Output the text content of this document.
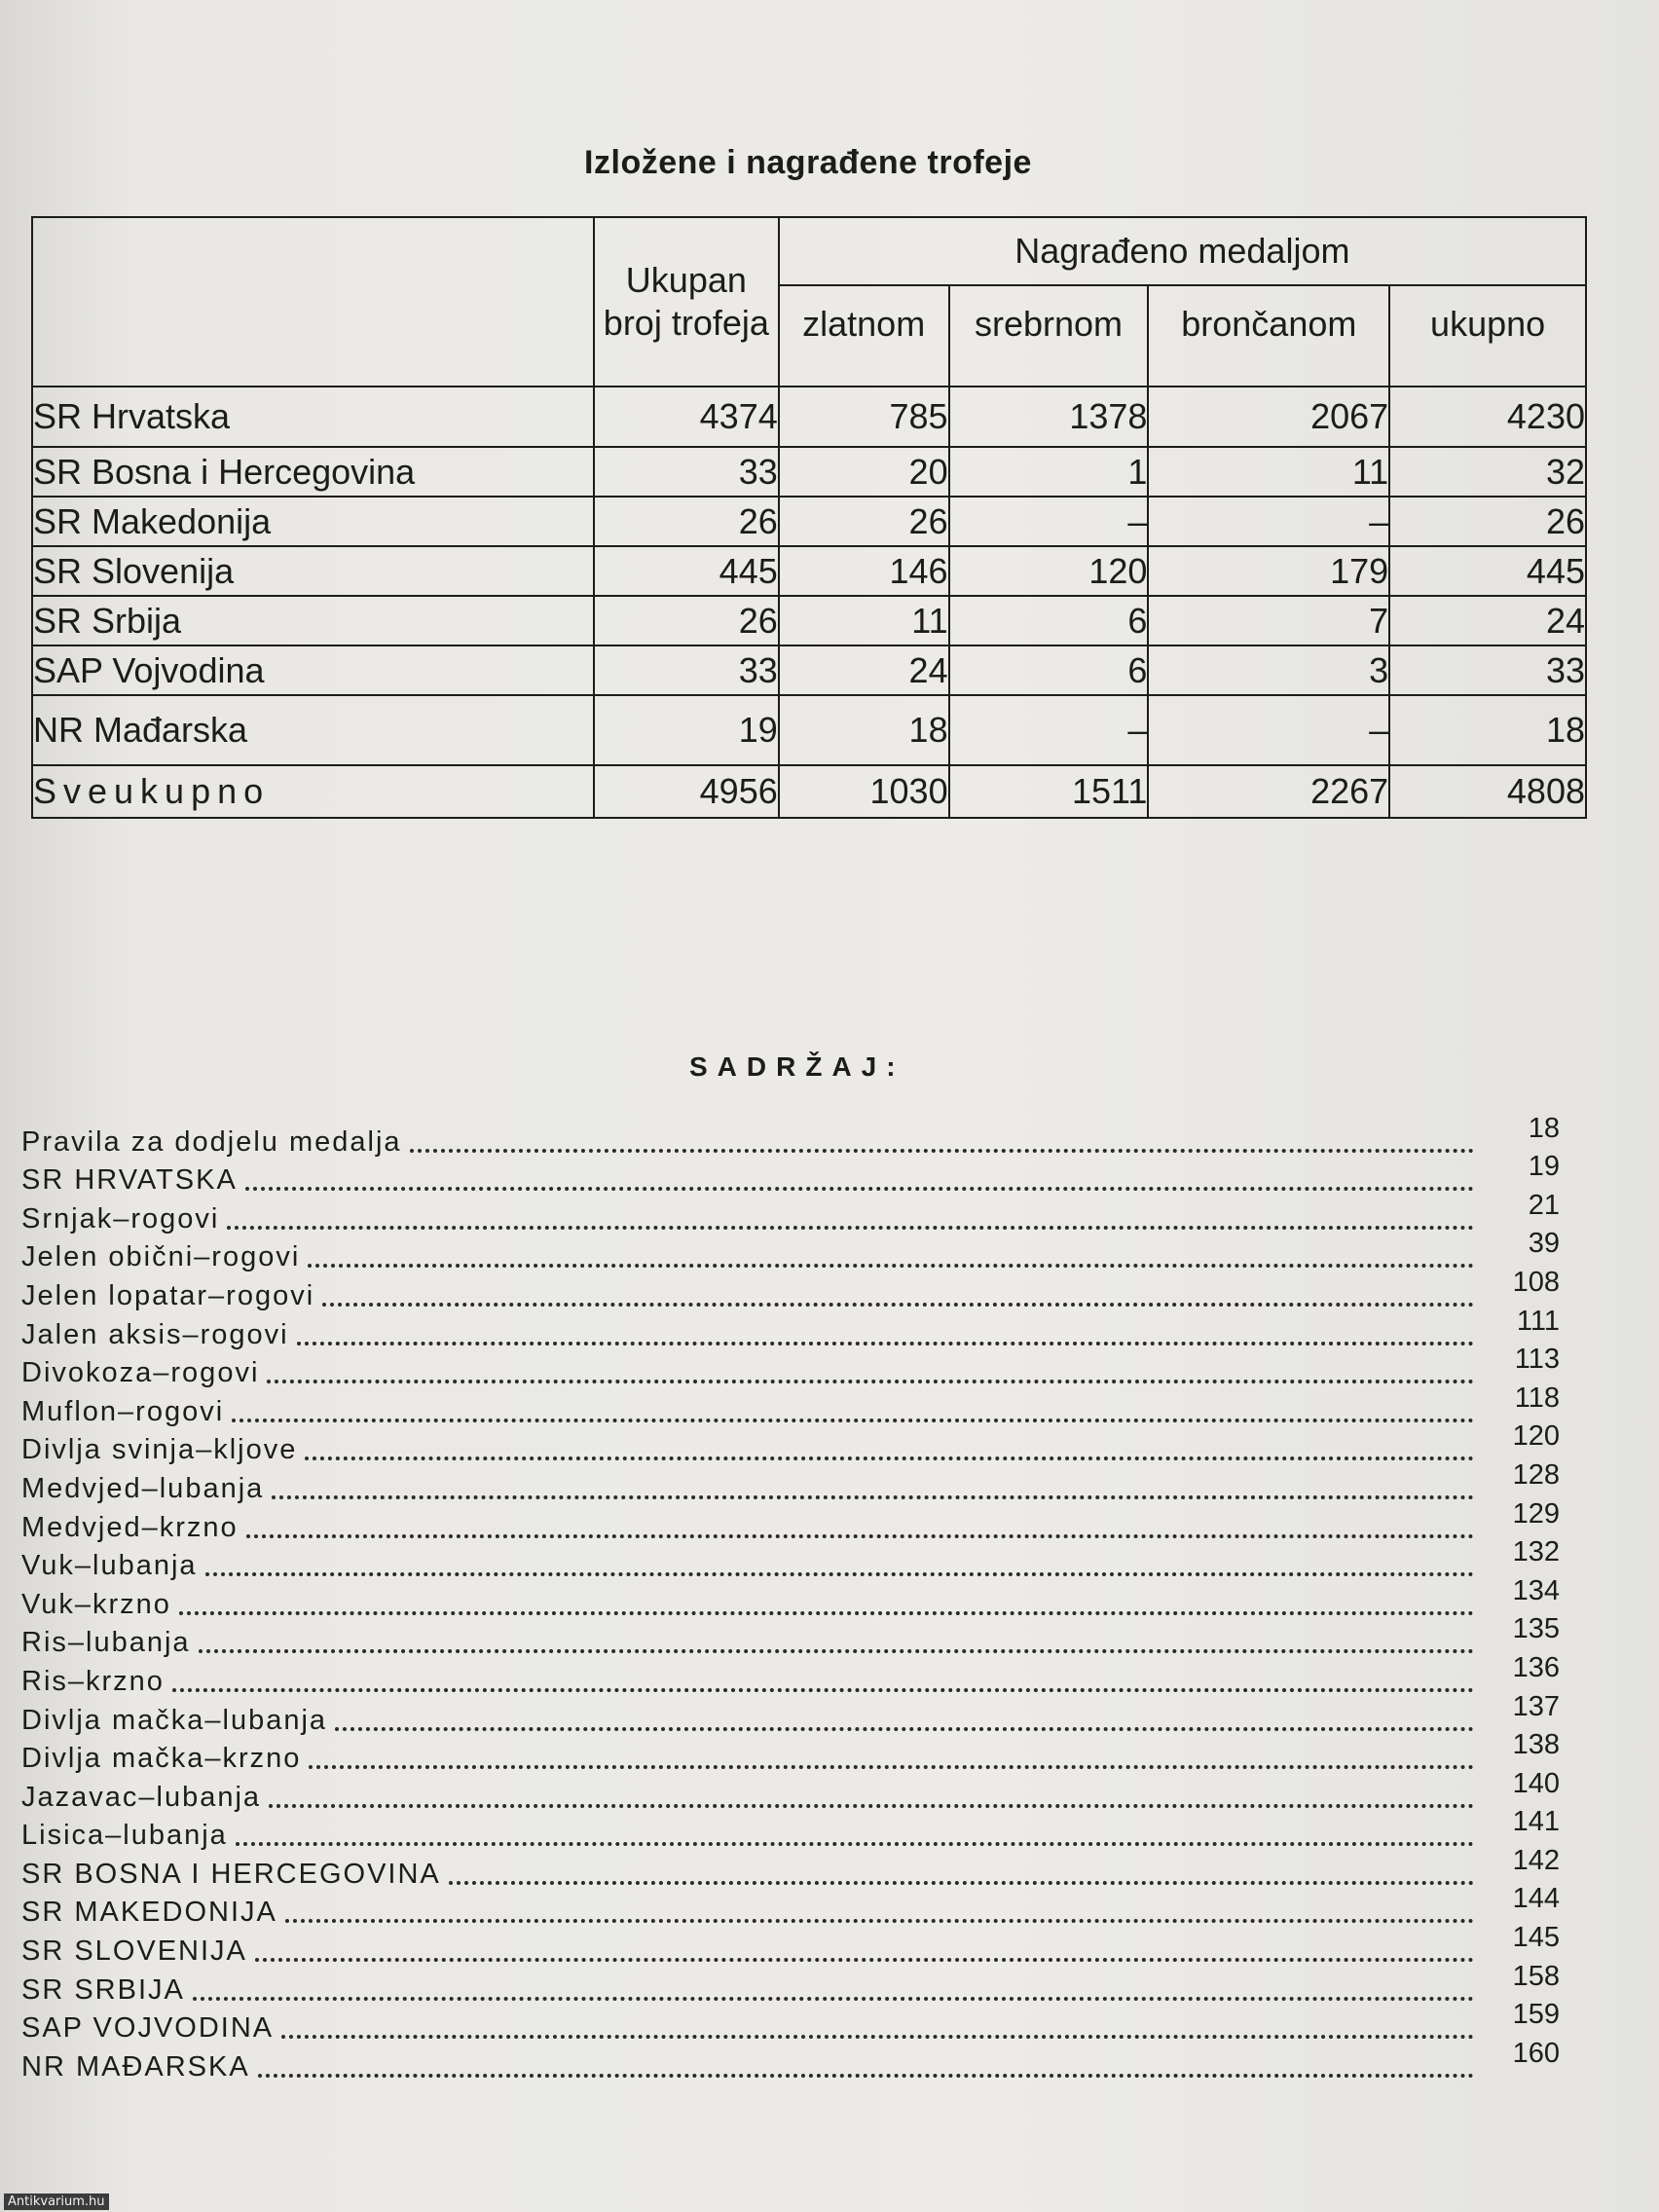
Izložene i nagrađene trofeje
	Ukupan broj trofeja	Nagrađeno medaljom			

		zlatnom	srebrnom	brončanom	ukupno

SR Hrvatska	4374	785	1378	2067	4230
SR Bosna i Hercegovina	33	20	1	11	32
SR Makedonija	26	26	–	–	26
SR Slovenija	445	146	120	179	445
SR Srbija	26	11	6	7	24
SAP Vojvodina	33	24	6	3	33
NR Mađarska	19	18	–	–	18
Sveukupno	4956	1030	1511	2267	4808
SADRŽAJ:
Pravila za dodjelu medalja	18
SR HRVATSKA	19
Srnjak–rogovi	21
Jelen obični–rogovi	39
Jelen lopatar–rogovi	108
Jalen aksis–rogovi	111
Divokoza–rogovi	113
Muflon–rogovi	118
Divlja svinja–kljove	120
Medvjed–lubanja	128
Medvjed–krzno	129
Vuk–lubanja	132
Vuk–krzno	134
Ris–lubanja	135
Ris–krzno	136
Divlja mačka–lubanja	137
Divlja mačka–krzno	138
Jazavac–lubanja	140
Lisica–lubanja	141
SR BOSNA I HERCEGOVINA	142
SR MAKEDONIJA	144
SR SLOVENIJA	145
SR SRBIJA	158
SAP VOJVODINA	159
NR MAĐARSKA	160
Antikvarium.hu
